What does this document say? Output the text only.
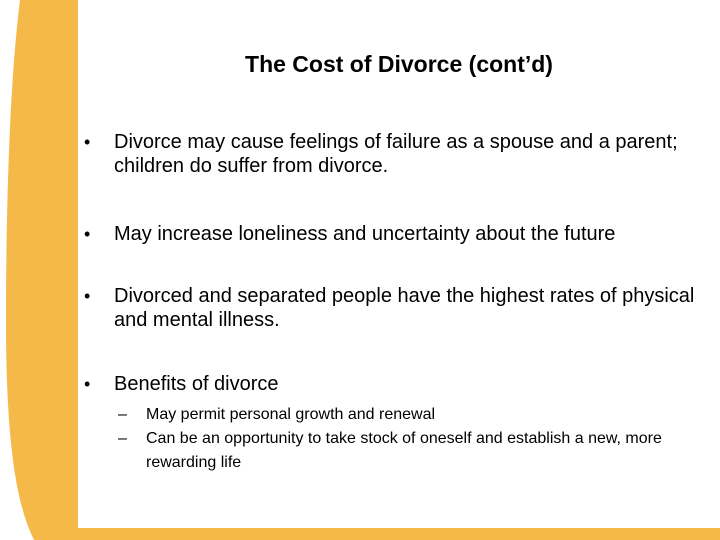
The Cost of Divorce (cont’d)
• Divorce may cause feelings of failure as a spouse and a parent; children do suffer from divorce.
• May increase loneliness and uncertainty about the future
• Divorced and separated people have the highest rates of physical and mental illness.
• Benefits of divorce
– May permit personal growth and renewal
– Can be an opportunity to take stock of oneself and establish a new, more rewarding life
